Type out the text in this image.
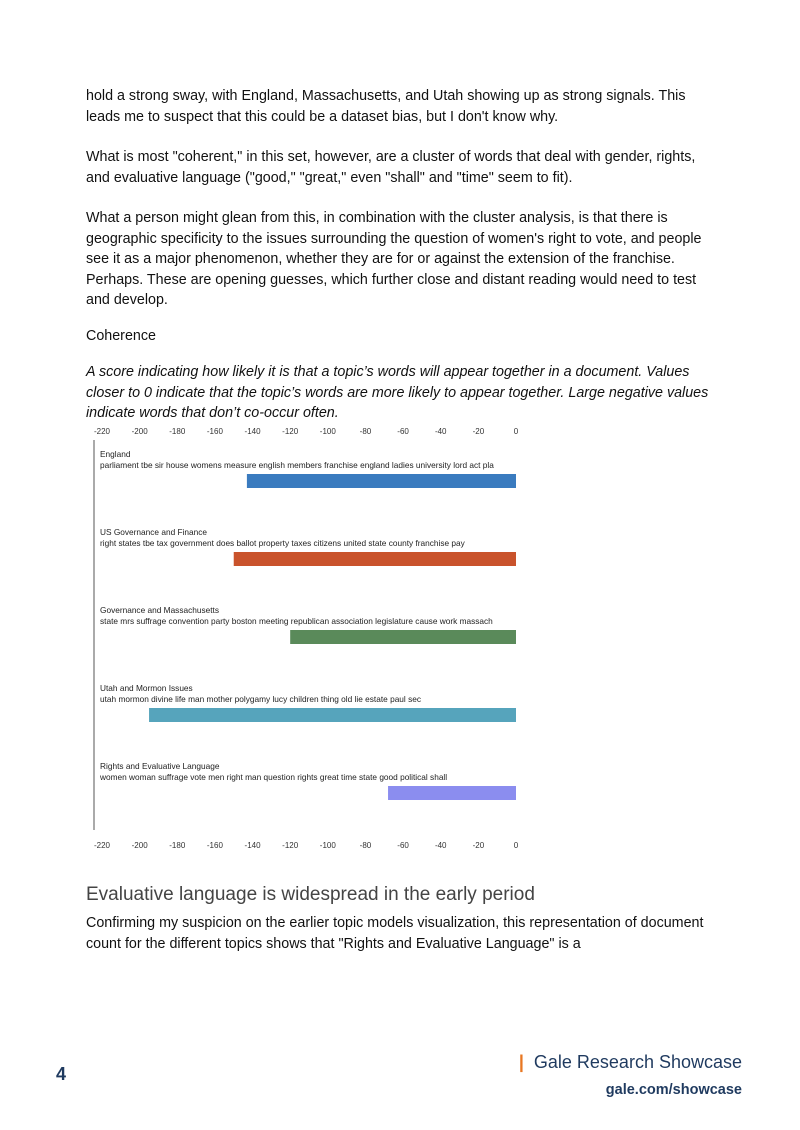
hold a strong sway, with England, Massachusetts, and Utah showing up as strong signals. This leads me to suspect that this could be a dataset bias, but I don't know why.

What is most "coherent," in this set, however, are a cluster of words that deal with gender, rights, and evaluative language ("good," "great," even "shall" and "time" seem to fit).

What a person might glean from this, in combination with the cluster analysis, is that there is geographic specificity to the issues surrounding the question of women's right to vote, and people see it as a major phenomenon, whether they are for or against the extension of the franchise. Perhaps. These are opening guesses, which further close and distant reading would need to test and develop.

Coherence

A score indicating how likely it is that a topic’s words will appear together in a document. Values closer to 0 indicate that the topic’s words are more likely to appear together. Large negative values indicate words that don’t co-occur often.

-220
-220
-200
-200
-180
-180
-160
-160
-140
-140
-120
-120
-100
-100
-80
-80
-60
-60
-40
-40
-20
-20
0
0
England
parliament tbe sir house womens measure english members franchise england ladies university lord act pla
US Governance and Finance
right states tbe tax government does ballot property taxes citizens united state county franchise pay
Governance and Massachusetts
state mrs suffrage convention party boston meeting republican association legislature cause work massach
Utah and Mormon Issues
utah mormon divine life man mother polygamy lucy children thing old lie estate paul sec
Rights and Evaluative Language
women woman suffrage vote men right man question rights great time state good political shall
Evaluative language is widespread in the early period

Confirming my suspicion on the earlier topic models visualization, this representation of document count for the different topics shows that "Rights and Evaluative Language" is a

4
| Gale Research Showcase
gale.com/showcase
